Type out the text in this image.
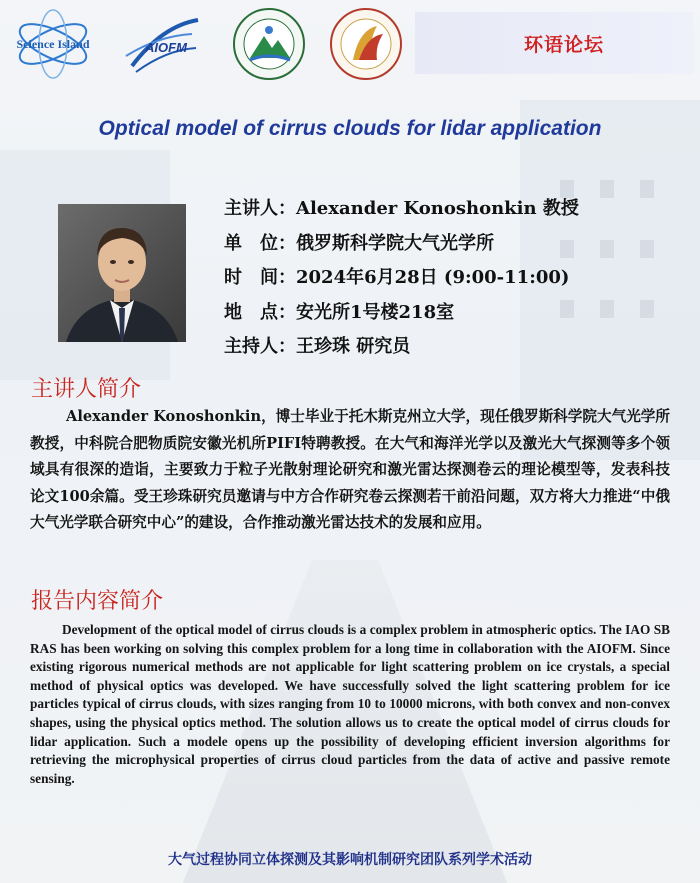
Science Island	AIOFM	环语论坛
Optical model of cirrus clouds for lidar application
主讲人： Alexander Konoshonkin 教授
单　位： 俄罗斯科学院大气光学所
时　间： 2024年6月28日 (9:00-11:00)
地　点： 安光所1号楼218室
主持人： 王珍珠 研究员
主讲人简介
Alexander Konoshonkin，博士毕业于托木斯克州立大学，现任俄罗斯科学院大气光学所教授，中科院合肥物质院安徽光机所PIFI特聘教授。在大气和海洋光学以及激光大气探测等多个领域具有很深的造诣，主要致力于粒子光散射理论研究和激光雷达探测卷云的理论模型等，发表科技论文100余篇。受王珍珠研究员邀请与中方合作研究卷云探测若干前沿问题，双方将大力推进“中俄大气光学联合研究中心”的建设，合作推动激光雷达技术的发展和应用。
报告内容简介
Development of the optical model of cirrus clouds is a complex problem in atmospheric optics. The IAO SB RAS has been working on solving this complex problem for a long time in collaboration with the AIOFM. Since existing rigorous numerical methods are not applicable for light scattering problem on ice crystals, a special method of physical optics was developed. We have successfully solved the light scattering problem for ice particles typical of cirrus clouds, with sizes ranging from 10 to 10000 microns, with both convex and non-convex shapes, using the physical optics method. The solution allows us to create the optical model of cirrus clouds for lidar application. Such a modele opens up the possibility of developing efficient inversion algorithms for retrieving the microphysical properties of cirrus cloud particles from the data of active and passive remote sensing.
大气过程协同立体探测及其影响机制研究团队系列学术活动
